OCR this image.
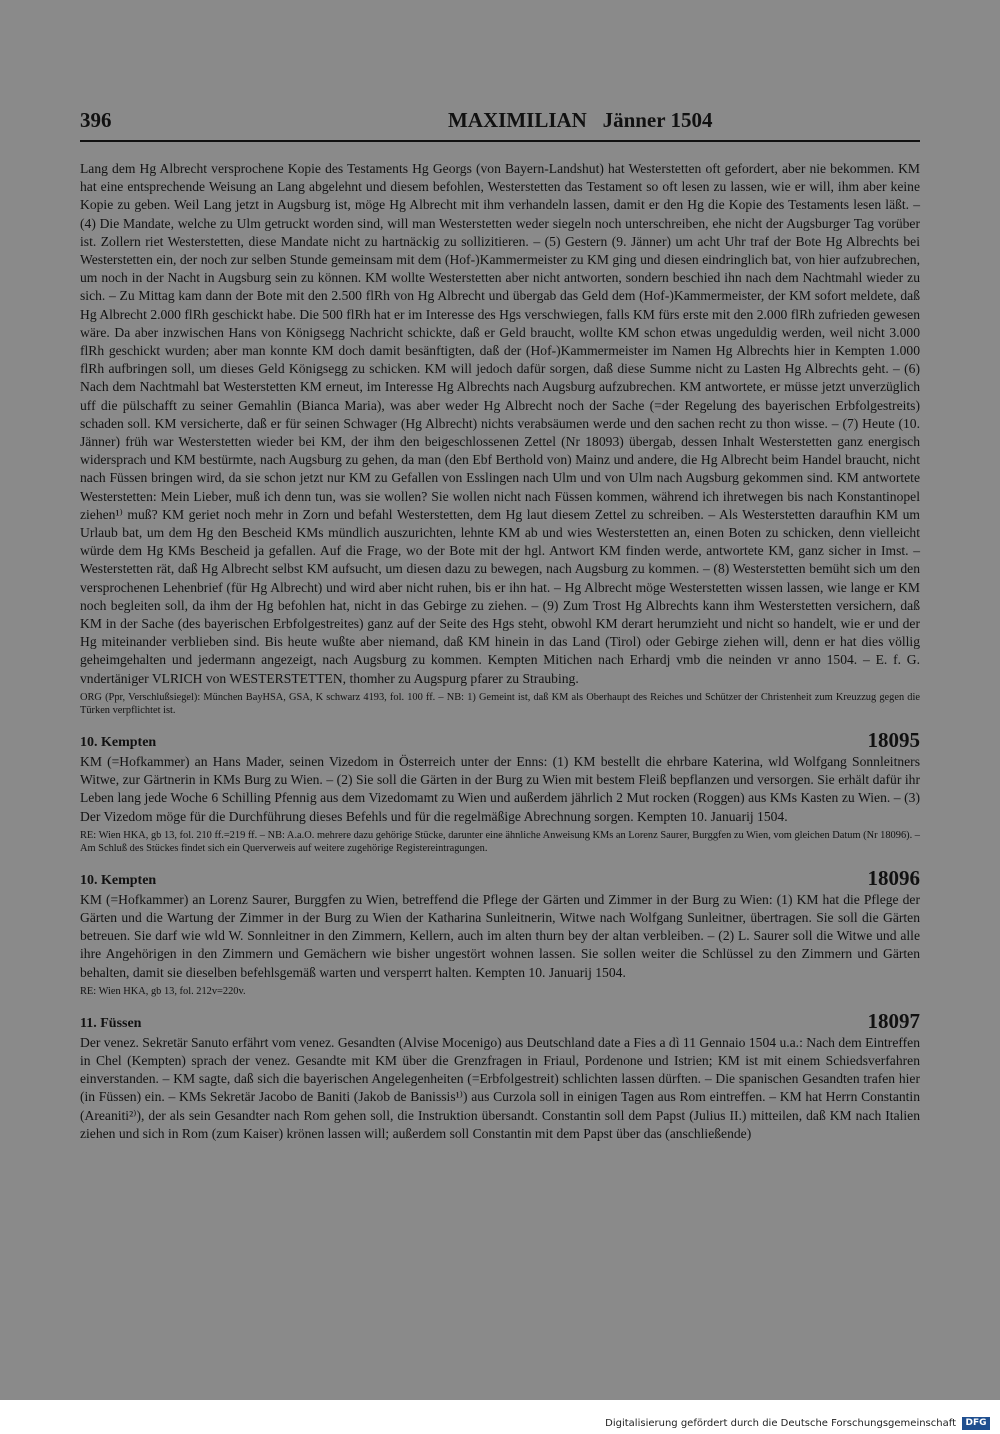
396	MAXIMILIAN   Jänner 1504

Lang dem Hg Albrecht versprochene Kopie des Testaments Hg Georgs (von Bayern-Landshut) hat Westerstetten oft gefordert, aber nie bekommen. KM hat eine entsprechende Weisung an Lang abgelehnt und diesem befohlen, Westerstetten das Testament so oft lesen zu lassen, wie er will, ihm aber keine Kopie zu geben. Weil Lang jetzt in Augsburg ist, möge Hg Albrecht mit ihm verhandeln lassen, damit er den Hg die Kopie des Testaments lesen läßt. – (4) Die Mandate, welche zu Ulm getruckt worden sind, will man Westerstetten weder siegeln noch unterschreiben, ehe nicht der Augsburger Tag vorüber ist. Zollern riet Westerstetten, diese Mandate nicht zu hartnäckig zu sollizitieren. – (5) Gestern (9. Jänner) um acht Uhr traf der Bote Hg Albrechts bei Westerstetten ein, der noch zur selben Stunde gemeinsam mit dem (Hof-)Kammermeister zu KM ging und diesen eindringlich bat, von hier aufzubrechen, um noch in der Nacht in Augsburg sein zu können. KM wollte Westerstetten aber nicht antworten, sondern beschied ihn nach dem Nachtmahl wieder zu sich. – Zu Mittag kam dann der Bote mit den 2.500 flRh von Hg Albrecht und übergab das Geld dem (Hof-)Kammermeister, der KM sofort meldete, daß Hg Albrecht 2.000 flRh geschickt habe. Die 500 flRh hat er im Interesse des Hgs verschwiegen, falls KM fürs erste mit den 2.000 flRh zufrieden gewesen wäre. Da aber inzwischen Hans von Königsegg Nachricht schickte, daß er Geld braucht, wollte KM schon etwas ungeduldig werden, weil nicht 3.000 flRh geschickt wurden; aber man konnte KM doch damit besänftigten, daß der (Hof-)Kammermeister im Namen Hg Albrechts hier in Kempten 1.000 flRh aufbringen soll, um dieses Geld Königsegg zu schicken. KM will jedoch dafür sorgen, daß diese Summe nicht zu Lasten Hg Albrechts geht. – (6) Nach dem Nachtmahl bat Westerstetten KM erneut, im Interesse Hg Albrechts nach Augsburg aufzubrechen. KM antwortete, er müsse jetzt unverzüglich uff die pülschafft zu seiner Gemahlin (Bianca Maria), was aber weder Hg Albrecht noch der Sache (=der Regelung des bayerischen Erbfolgestreits) schaden soll. KM versicherte, daß er für seinen Schwager (Hg Albrecht) nichts verabsäumen werde und den sachen recht zu thon wisse. – (7) Heute (10. Jänner) früh war Westerstetten wieder bei KM, der ihm den beigeschlossenen Zettel (Nr 18093) übergab, dessen Inhalt Westerstetten ganz energisch widersprach und KM bestürmte, nach Augsburg zu gehen, da man (den Ebf Berthold von) Mainz und andere, die Hg Albrecht beim Handel braucht, nicht nach Füssen bringen wird, da sie schon jetzt nur KM zu Gefallen von Esslingen nach Ulm und von Ulm nach Augsburg gekommen sind. KM antwortete Westerstetten: Mein Lieber, muß ich denn tun, was sie wollen? Sie wollen nicht nach Füssen kommen, während ich ihretwegen bis nach Konstantinopel ziehen¹⁾ muß? KM geriet noch mehr in Zorn und befahl Westerstetten, dem Hg laut diesem Zettel zu schreiben. – Als Westerstetten daraufhin KM um Urlaub bat, um dem Hg den Bescheid KMs mündlich auszurichten, lehnte KM ab und wies Westerstetten an, einen Boten zu schicken, denn vielleicht würde dem Hg KMs Bescheid ja gefallen. Auf die Frage, wo der Bote mit der hgl. Antwort KM finden werde, antwortete KM, ganz sicher in Imst. – Westerstetten rät, daß Hg Albrecht selbst KM aufsucht, um diesen dazu zu bewegen, nach Augsburg zu kommen. – (8) Westerstetten bemüht sich um den versprochenen Lehenbrief (für Hg Albrecht) und wird aber nicht ruhen, bis er ihn hat. – Hg Albrecht möge Westerstetten wissen lassen, wie lange er KM noch begleiten soll, da ihm der Hg befohlen hat, nicht in das Gebirge zu ziehen. – (9) Zum Trost Hg Albrechts kann ihm Westerstetten versichern, daß KM in der Sache (des bayerischen Erbfolgestreites) ganz auf der Seite des Hgs steht, obwohl KM derart herumzieht und nicht so handelt, wie er und der Hg miteinander verblieben sind. Bis heute wußte aber niemand, daß KM hinein in das Land (Tirol) oder Gebirge ziehen will, denn er hat dies völlig geheimgehalten und jedermann angezeigt, nach Augsburg zu kommen. Kempten Mitichen nach Erhardj vmb die neinden vr anno 1504. – E. f. G. vndertäniger VLRICH von WESTERSTETTEN, thomher zu Augspurg pfarer zu Straubing.

ORG (Ppr, Verschlußsiegel): München BayHSA, GSA, K schwarz 4193, fol. 100 ff. – NB: 1) Gemeint ist, daß KM als Oberhaupt des Reiches und Schützer der Christenheit zum Kreuzzug gegen die Türken verpflichtet ist.

10. Kempten	18095

KM (=Hofkammer) an Hans Mader, seinen Vizedom in Österreich unter der Enns: (1) KM bestellt die ehrbare Katerina, wld Wolfgang Sonnleitners Witwe, zur Gärtnerin in KMs Burg zu Wien. – (2) Sie soll die Gärten in der Burg zu Wien mit bestem Fleiß bepflanzen und versorgen. Sie erhält dafür ihr Leben lang jede Woche 6 Schilling Pfennig aus dem Vizedomamt zu Wien und außerdem jährlich 2 Mut rocken (Roggen) aus KMs Kasten zu Wien. – (3) Der Vizedom möge für die Durchführung dieses Befehls und für die regelmäßige Abrechnung sorgen. Kempten 10. Januarij 1504.

RE: Wien HKA, gb 13, fol. 210 ff.=219 ff. – NB: A.a.O. mehrere dazu gehörige Stücke, darunter eine ähnliche Anweisung KMs an Lorenz Saurer, Burggfen zu Wien, vom gleichen Datum (Nr 18096). – Am Schluß des Stückes findet sich ein Querverweis auf weitere zugehörige Registereintragungen.

10. Kempten	18096

KM (=Hofkammer) an Lorenz Saurer, Burggfen zu Wien, betreffend die Pflege der Gärten und Zimmer in der Burg zu Wien: (1) KM hat die Pflege der Gärten und die Wartung der Zimmer in der Burg zu Wien der Katharina Sunleitnerin, Witwe nach Wolfgang Sunleitner, übertragen. Sie soll die Gärten betreuen. Sie darf wie wld W. Sonnleitner in den Zimmern, Kellern, auch im alten thurn bey der altan verbleiben. – (2) L. Saurer soll die Witwe und alle ihre Angehörigen in den Zimmern und Gemächern wie bisher ungestört wohnen lassen. Sie sollen weiter die Schlüssel zu den Zimmern und Gärten behalten, damit sie dieselben befehlsgemäß warten und versperrt halten. Kempten 10. Januarij 1504.

RE: Wien HKA, gb 13, fol. 212v=220v.

11. Füssen	18097

Der venez. Sekretär Sanuto erfährt vom venez. Gesandten (Alvise Mocenigo) aus Deutschland date a Fies a dì 11 Gennaio 1504 u.a.: Nach dem Eintreffen in Chel (Kempten) sprach der venez. Gesandte mit KM über die Grenzfragen in Friaul, Pordenone und Istrien; KM ist mit einem Schiedsverfahren einverstanden. – KM sagte, daß sich die bayerischen Angelegenheiten (=Erbfolgestreit) schlichten lassen dürften. – Die spanischen Gesandten trafen hier (in Füssen) ein. – KMs Sekretär Jacobo de Baniti (Jakob de Banissis¹⁾) aus Curzola soll in einigen Tagen aus Rom eintreffen. – KM hat Herrn Constantin (Areaniti²⁾), der als sein Gesandter nach Rom gehen soll, die Instruktion übersandt. Constantin soll dem Papst (Julius II.) mitteilen, daß KM nach Italien ziehen und sich in Rom (zum Kaiser) krönen lassen will; außerdem soll Constantin mit dem Papst über das (anschließende)

Digitalisierung gefördert durch die Deutsche Forschungsgemeinschaft	DFG
